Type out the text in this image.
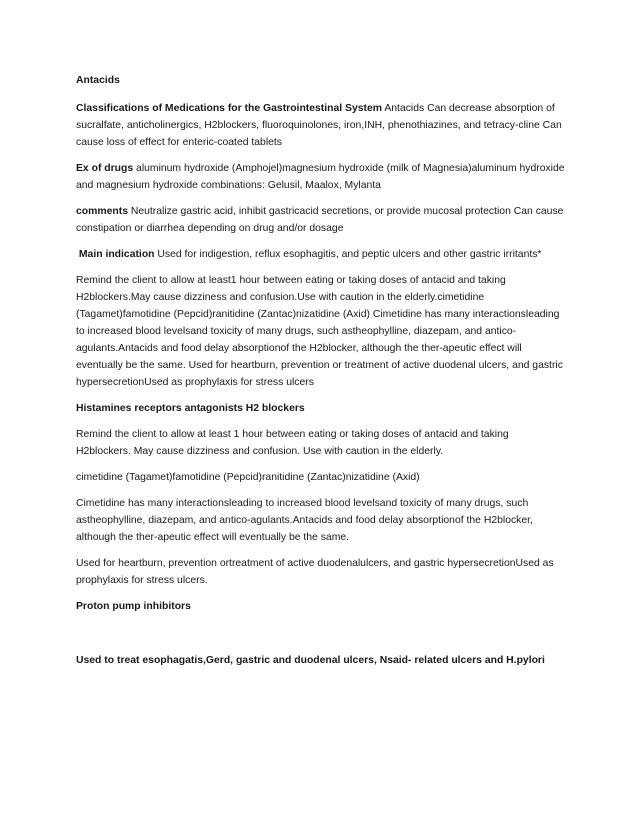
Antacids

Classifications of Medications for the Gastrointestinal System Antacids Can decrease absorption of sucralfate, anticholinergics, H2blockers, fluoroquinolones, iron,INH, phenothiazines, and tetracy-cline Can cause loss of effect for enteric-coated tablets

Ex of drugs aluminum hydroxide (Amphojel)magnesium hydroxide (milk of Magnesia)aluminum hydroxide and magnesium hydroxide combinations: Gelusil, Maalox, Mylanta

comments Neutralize gastric acid, inhibit gastricacid secretions, or provide mucosal protection Can cause constipation or diarrhea depending on drug and/or dosage

Main indication Used for indigestion, reflux esophagitis, and peptic ulcers and other gastric irritants*

Remind the client to allow at least1 hour between eating or taking doses of antacid and taking H2blockers.May cause dizziness and confusion.Use with caution in the elderly.cimetidine (Tagamet)famotidine (Pepcid)ranitidine (Zantac)nizatidine (Axid) Cimetidine has many interactionsleading to increased blood levelsand toxicity of many drugs, such astheophylline, diazepam, and antico-agulants.Antacids and food delay absorptionof the H2blocker, although the ther-apeutic effect will eventually be the same. Used for heartburn, prevention or treatment of active duodenal ulcers, and gastric hypersecretionUsed as prophylaxis for stress ulcers

Histamines receptors antagonists H2 blockers

Remind the client to allow at least 1 hour between eating or taking doses of antacid and taking H2blockers. May cause dizziness and confusion. Use with caution in the elderly.

cimetidine (Tagamet)famotidine (Pepcid)ranitidine (Zantac)nizatidine (Axid)

Cimetidine has many interactionsleading to increased blood levelsand toxicity of many drugs, such astheophylline, diazepam, and antico-agulants.Antacids and food delay absorptionof the H2blocker, although the ther-apeutic effect will eventually be the same.

Used for heartburn, prevention ortreatment of active duodenalulcers, and gastric hypersecretionUsed as prophylaxis for stress ulcers.

Proton pump inhibitors

Used to treat esophagatis,Gerd, gastric and duodenal ulcers, Nsaid- related ulcers and H.pylori
